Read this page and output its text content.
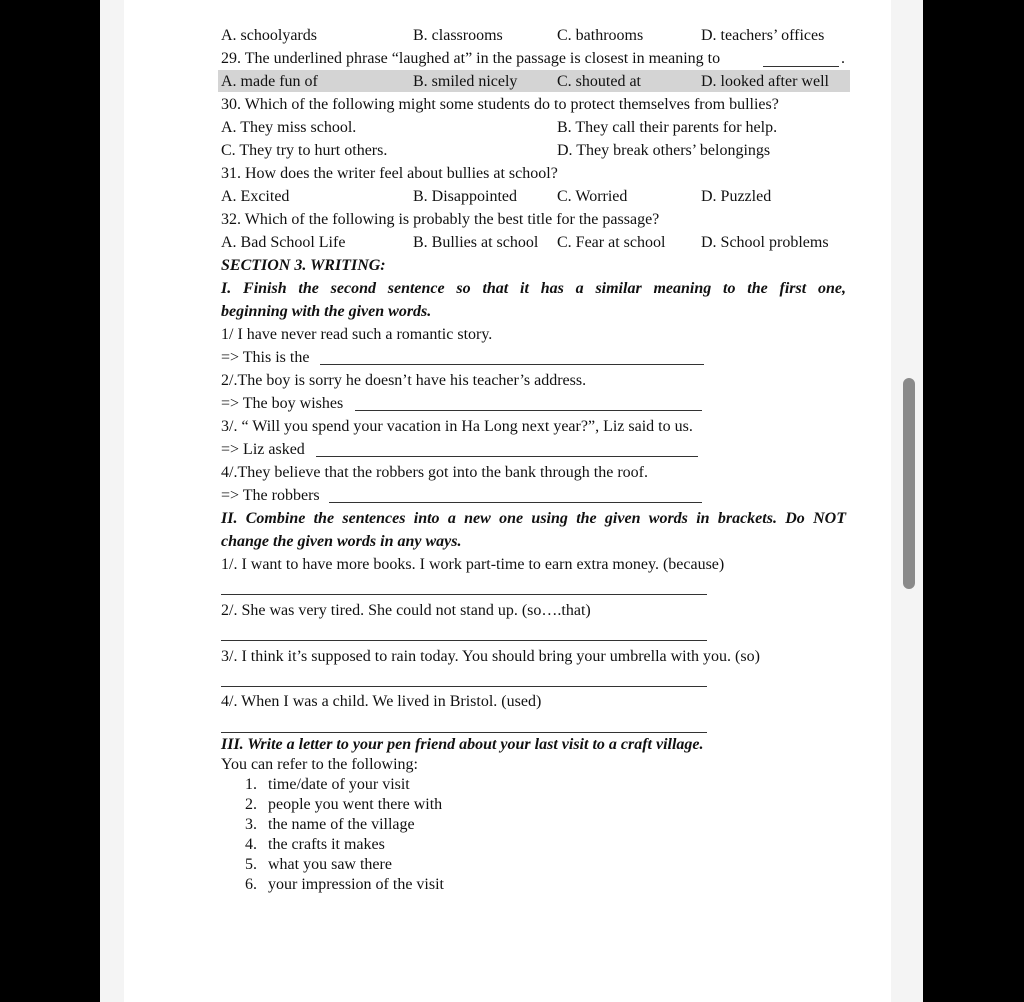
A. schoolyards	B. classrooms	C. bathrooms	D. teachers’ offices
29. The underlined phrase “laughed at” in the passage is closest in meaning to	.
A. made fun of	B. smiled nicely C. shouted at	D. looked after well
30. Which of the following might some students do to protect themselves from bullies?
A. They miss school.	B. They call their parents for help.
C. They try to hurt others.	D. They break others’ belongings
31. How does the writer feel about bullies at school?
A. Excited	B. Disappointed	C. Worried	D. Puzzled
32. Which of the following is probably the best title for the passage?
A. Bad School Life	B. Bullies at school C. Fear at school D. School problems
SECTION 3. WRITING:
I. Finish the second sentence so that it has a similar meaning to the first one,
beginning with the given words.
1/ I have never read such a romantic story.
=> This is the
2/.The boy is sorry he doesn’t have his teacher’s address.
=> The boy wishes
3/. “ Will you spend your vacation in Ha Long next year?”, Liz said to us.
=> Liz asked
4/.They believe that the robbers got into the bank through the roof.
=> The robbers
II. Combine the sentences into a new one using the given words in brackets. Do NOT
change the given words in any ways.
1/. I want to have more books. I work part-time to earn extra money. (because)
2/. She was very tired. She could not stand up. (so….that)
3/. I think it’s supposed to rain today. You should bring your umbrella with you. (so)
4/. When I was a child. We lived in Bristol. (used)
III. Write a letter to your pen friend about your last visit to a craft village.
You can refer to the following:
1. time/date of your visit
2. people you went there with
3. the name of the village
4. the crafts it makes
5. what you saw there
6. your impression of the visit
